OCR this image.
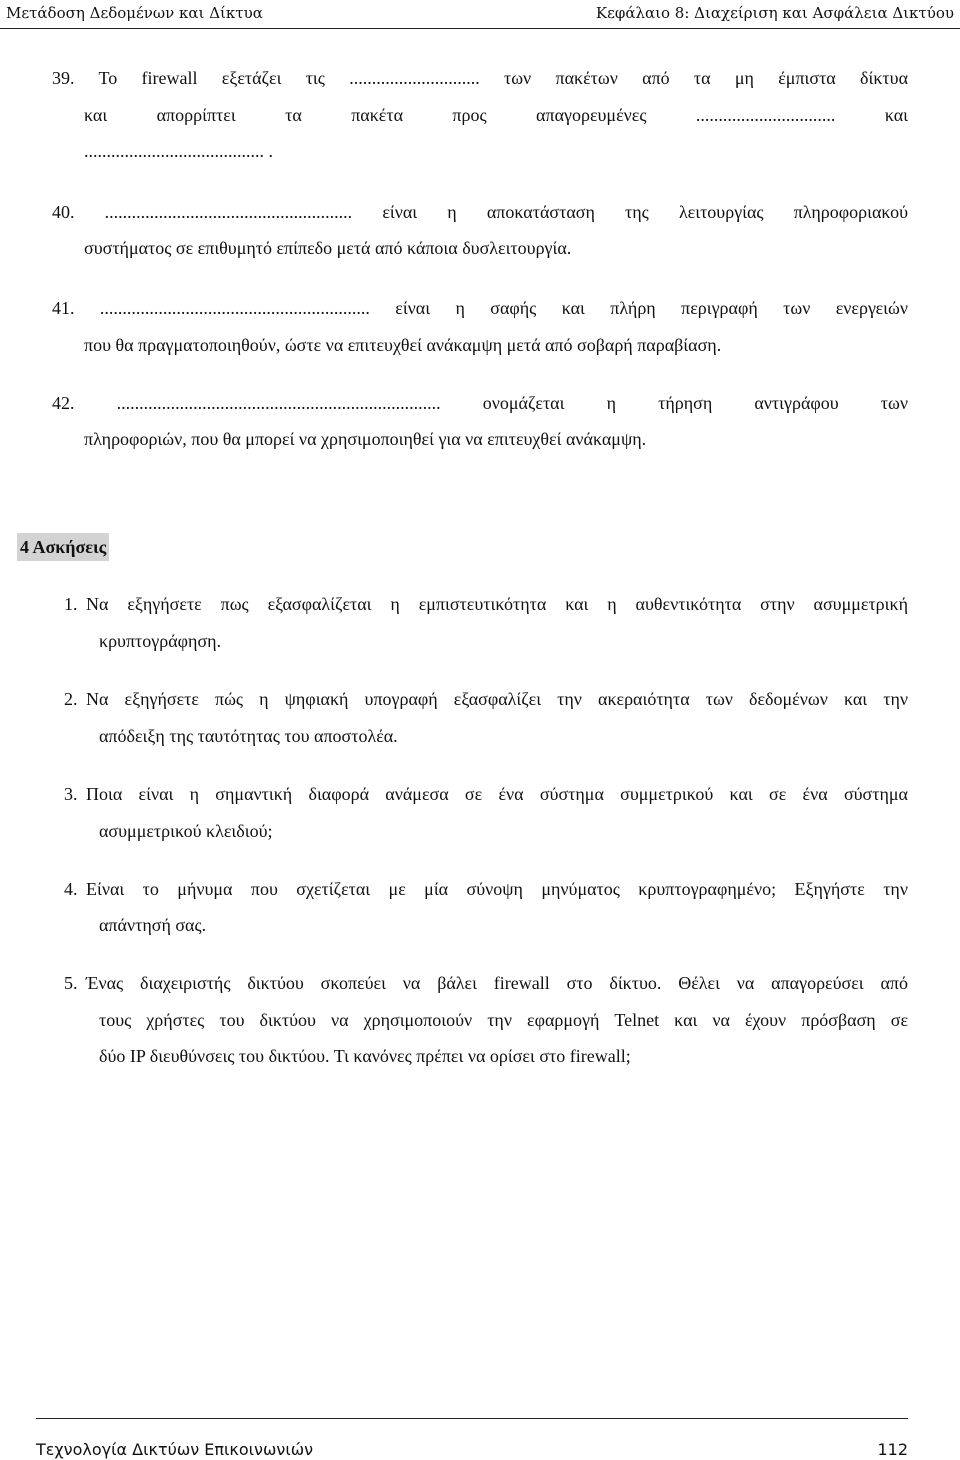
Μετάδοση Δεδομένων και Δίκτυα	Κεφάλαιο 8: Διαχείριση και Ασφάλεια Δικτύου
39. Το firewall εξετάζει τις ............................. των πακέτων από τα μη έμπιστα δίκτυα
και απορρίπτει τα πακέτα προς απαγορευμένες ............................... και
........................................ .
40. ....................................................... είναι η αποκατάσταση της λειτουργίας πληροφοριακού
συστήματος σε επιθυμητό επίπεδο μετά από κάποια δυσλειτουργία.
41. ............................................................ είναι η σαφής και πλήρη περιγραφή των ενεργειών
που θα πραγματοποιηθούν, ώστε να επιτευχθεί ανάκαμψη μετά από σοβαρή παραβίαση.
42. ........................................................................ ονομάζεται η τήρηση αντιγράφου των
πληροφοριών, που θα μπορεί να χρησιμοποιηθεί για να επιτευχθεί ανάκαμψη.
4 Ασκήσεις
1. Να εξηγήσετε πως εξασφαλίζεται η εμπιστευτικότητα και η αυθεντικότητα στην ασυμμετρική
κρυπτογράφηση.
2. Να εξηγήσετε πώς η ψηφιακή υπογραφή εξασφαλίζει την ακεραιότητα των δεδομένων και την
απόδειξη της ταυτότητας του αποστολέα.
3. Ποια είναι η σημαντική διαφορά ανάμεσα σε ένα σύστημα συμμετρικού και σε ένα σύστημα
ασυμμετρικού κλειδιού;
4. Είναι το μήνυμα που σχετίζεται με μία σύνοψη μηνύματος κρυπτογραφημένο; Εξηγήστε την
απάντησή σας.
5. Ένας διαχειριστής δικτύου σκοπεύει να βάλει firewall στο δίκτυο. Θέλει να απαγορεύσει από
τους χρήστες του δικτύου να χρησιμοποιούν την εφαρμογή Telnet και να έχουν πρόσβαση σε
δύο IP διευθύνσεις του δικτύου. Τι κανόνες πρέπει να ορίσει στο firewall;
Τεχνολογία Δικτύων Επικοινωνιών	112
